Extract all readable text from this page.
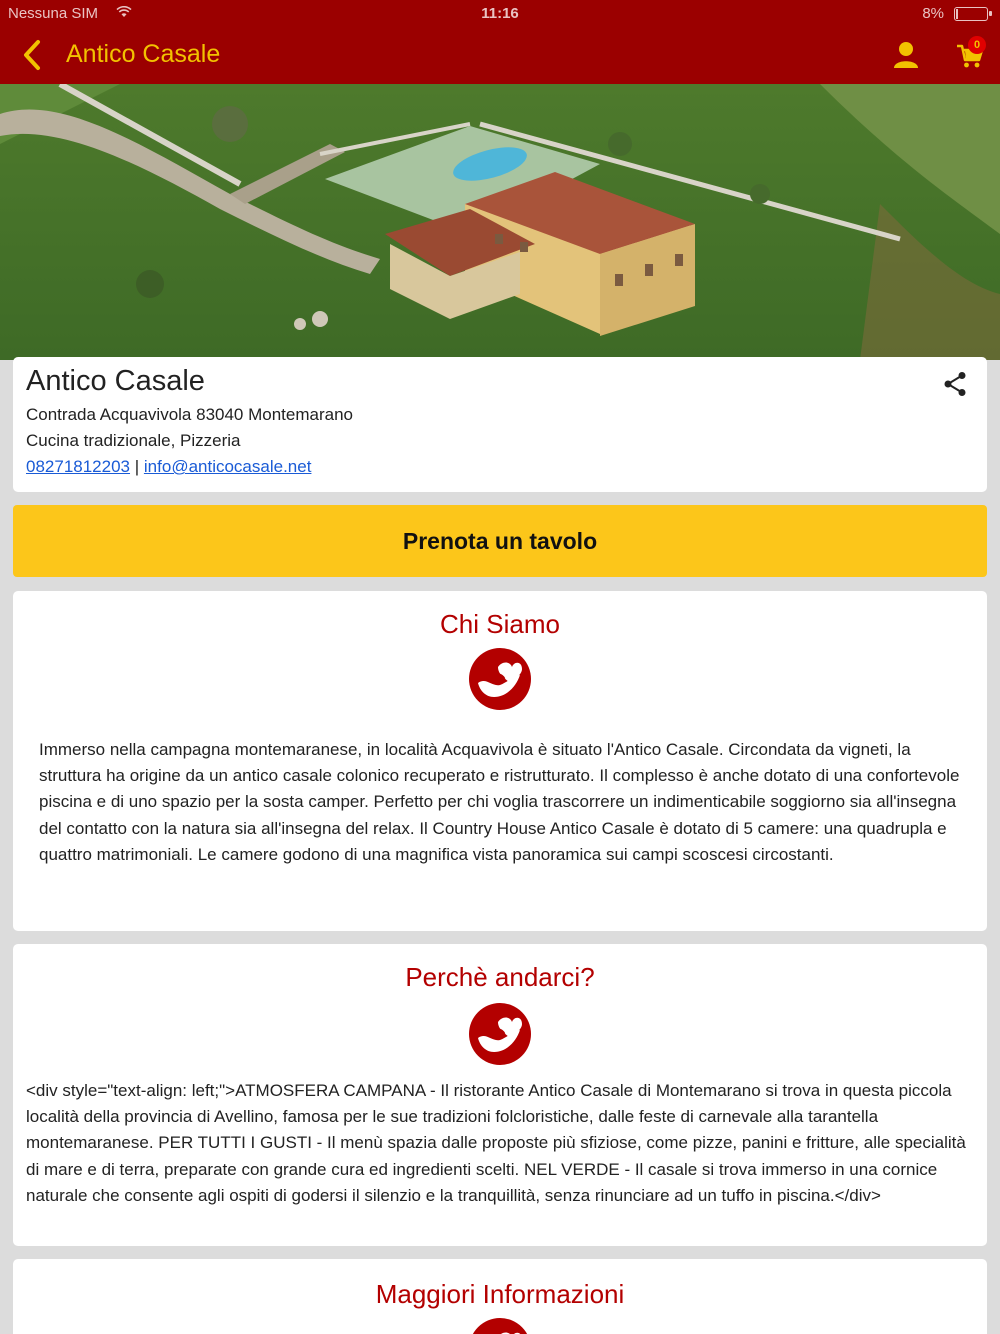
Nessuna SIM	11:16	8%
Antico Casale	0
Antico Casale
Contrada Acquavivola 83040 Montemarano
Cucina tradizionale, Pizzeria
08271812203 | info@anticocasale.net
Prenota un tavolo
Chi Siamo
Immerso nella campagna montemaranese, in località Acquavivola è situato l'Antico Casale. Circondata da vigneti, la struttura ha origine da un antico casale colonico recuperato e ristrutturato. Il complesso è anche dotato di una confortevole piscina e di uno spazio per la sosta camper. Perfetto per chi voglia trascorrere un indimenticabile soggiorno sia all'insegna del contatto con la natura sia all'insegna del relax. Il Country House Antico Casale è dotato di 5 camere: una quadrupla e quattro matrimoniali. Le camere godono di una magnifica vista panoramica sui campi scoscesi circostanti.
Perchè andarci?
<div style="text-align: left;">ATMOSFERA CAMPANA - Il ristorante Antico Casale di Montemarano si trova in questa piccola località della provincia di Avellino, famosa per le sue tradizioni folcloristiche, dalle feste di carnevale alla tarantella montemaranese. PER TUTTI I GUSTI - Il menù spazia dalle proposte più sfiziose, come pizze, panini e fritture, alle specialità di mare e di terra, preparate con grande cura ed ingredienti scelti. NEL VERDE - Il casale si trova immerso in una cornice naturale che consente agli ospiti di godersi il silenzio e la tranquillità, senza rinunciare ad un tuffo in piscina.</div>
Maggiori Informazioni
